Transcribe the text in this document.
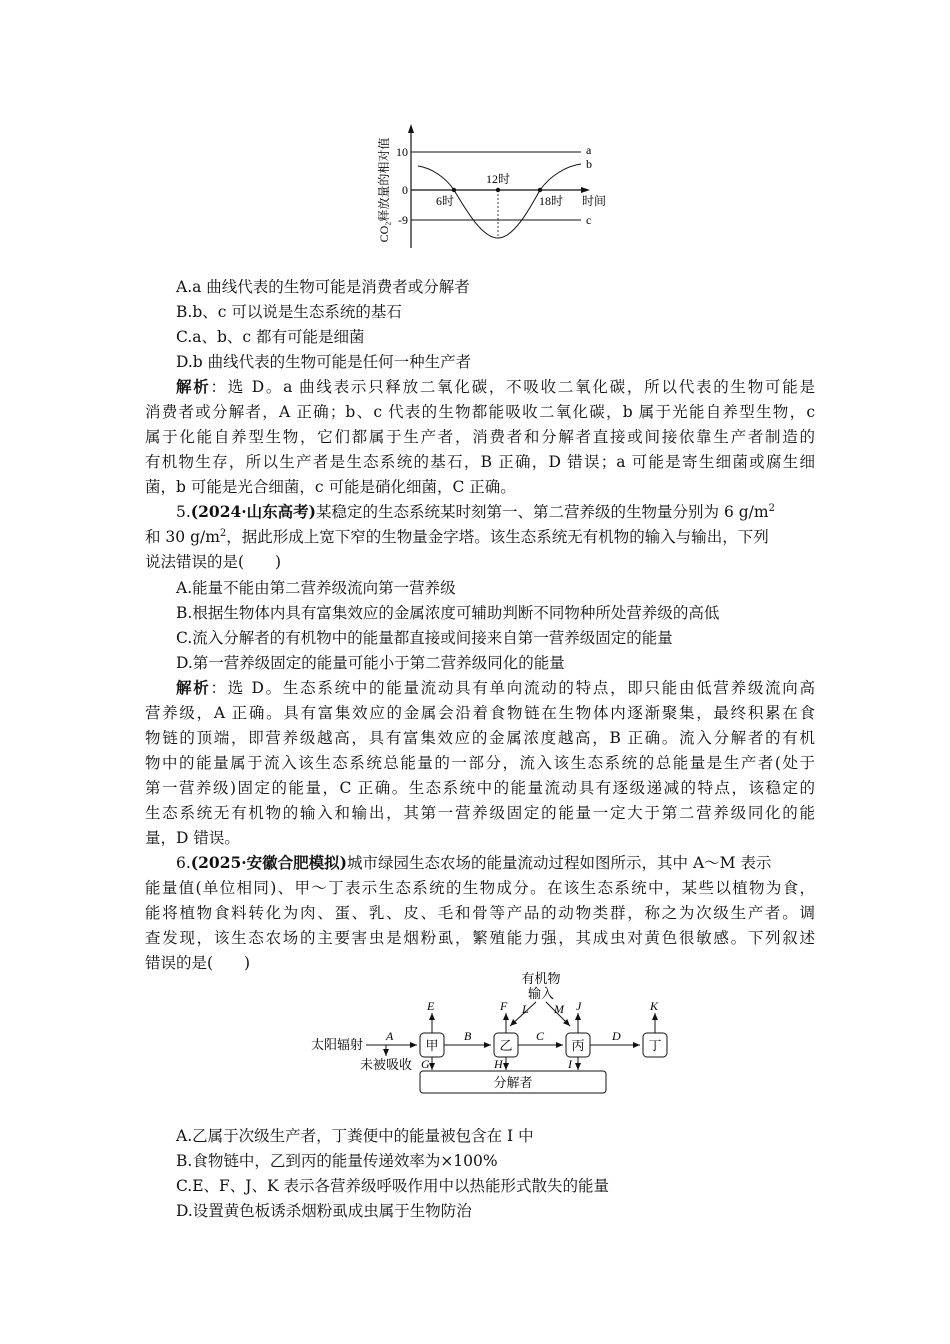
CO₂释放量的相对值 10
0
-9
6时
12时
18时 时间
a
b
c
A.a 曲线代表的生物可能是消费者或分解者
B.b、c 可以说是生态系统的基石
C.a、b、c 都有可能是细菌
D.b 曲线代表的生物可能是任何一种生产者
解析：选 D。a 曲线表示只释放二氧化碳，不吸收二氧化碳，所以代表的生物可能是
消费者或分解者，A 正确；b、c 代表的生物都能吸收二氧化碳，b 属于光能自养型生物，c
属于化能自养型生物，它们都属于生产者，消费者和分解者直接或间接依靠生产者制造的
有机物生存，所以生产者是生态系统的基石，B 正确，D 错误；a 可能是寄生细菌或腐生细
菌，b 可能是光合细菌，c 可能是硝化细菌，C 正确。
5.(2024·山东高考)某稳定的生态系统某时刻第一、第二营养级的生物量分别为 6 $g/m^2$
和 30 $g/m^2$，据此形成上宽下窄的生物量金字塔。该生态系统无有机物的输入与输出，下列
说法错误的是(　　)
A.能量不能由第二营养级流向第一营养级
B.根据生物体内具有富集效应的金属浓度可辅助判断不同物种所处营养级的高低
C.流入分解者的有机物中的能量都直接或间接来自第一营养级固定的能量
D.第一营养级固定的能量可能小于第二营养级同化的能量
解析：选 D。生态系统中的能量流动具有单向流动的特点，即只能由低营养级流向高
营养级，A 正确。具有富集效应的金属会沿着食物链在生物体内逐渐聚集，最终积累在食
物链的顶端，即营养级越高，具有富集效应的金属浓度越高，B 正确。流入分解者的有机
物中的能量属于流入该生态系统总能量的一部分，流入该生态系统的总能量是生产者(处于
第一营养级)固定的能量，C 正确。生态系统中的能量流动具有逐级递减的特点，该稳定的
生态系统无有机物的输入和输出，其第一营养级固定的能量一定大于第二营养级同化的能
量，D 错误。
6.(2025·安徽合肥模拟)城市绿园生态农场的能量流动过程如图所示，其中 A～M 表示
能量值(单位相同)、甲～丁表示生态系统的生物成分。在该生态系统中，某些以植物为食，
能将植物食料转化为肉、蛋、乳、皮、毛和骨等产品的动物类群，称之为次级生产者。调
查发现，该生态农场的主要害虫是烟粉虱，繁殖能力强，其成虫对黄色很敏感。下列叙述
错误的是(　　)
有机物
输入
L M
太阳辐射
A
未被吸收
甲	乙	丙	丁
B	C	D
E	F	J	K
G	H	I
分解者
A.乙属于次级生产者，丁粪便中的能量被包含在 I 中
B.食物链中，乙到丙的能量传递效率为×100%
C.E、F、J、K 表示各营养级呼吸作用中以热能形式散失的能量
D.设置黄色板诱杀烟粉虱成虫属于生物防治
